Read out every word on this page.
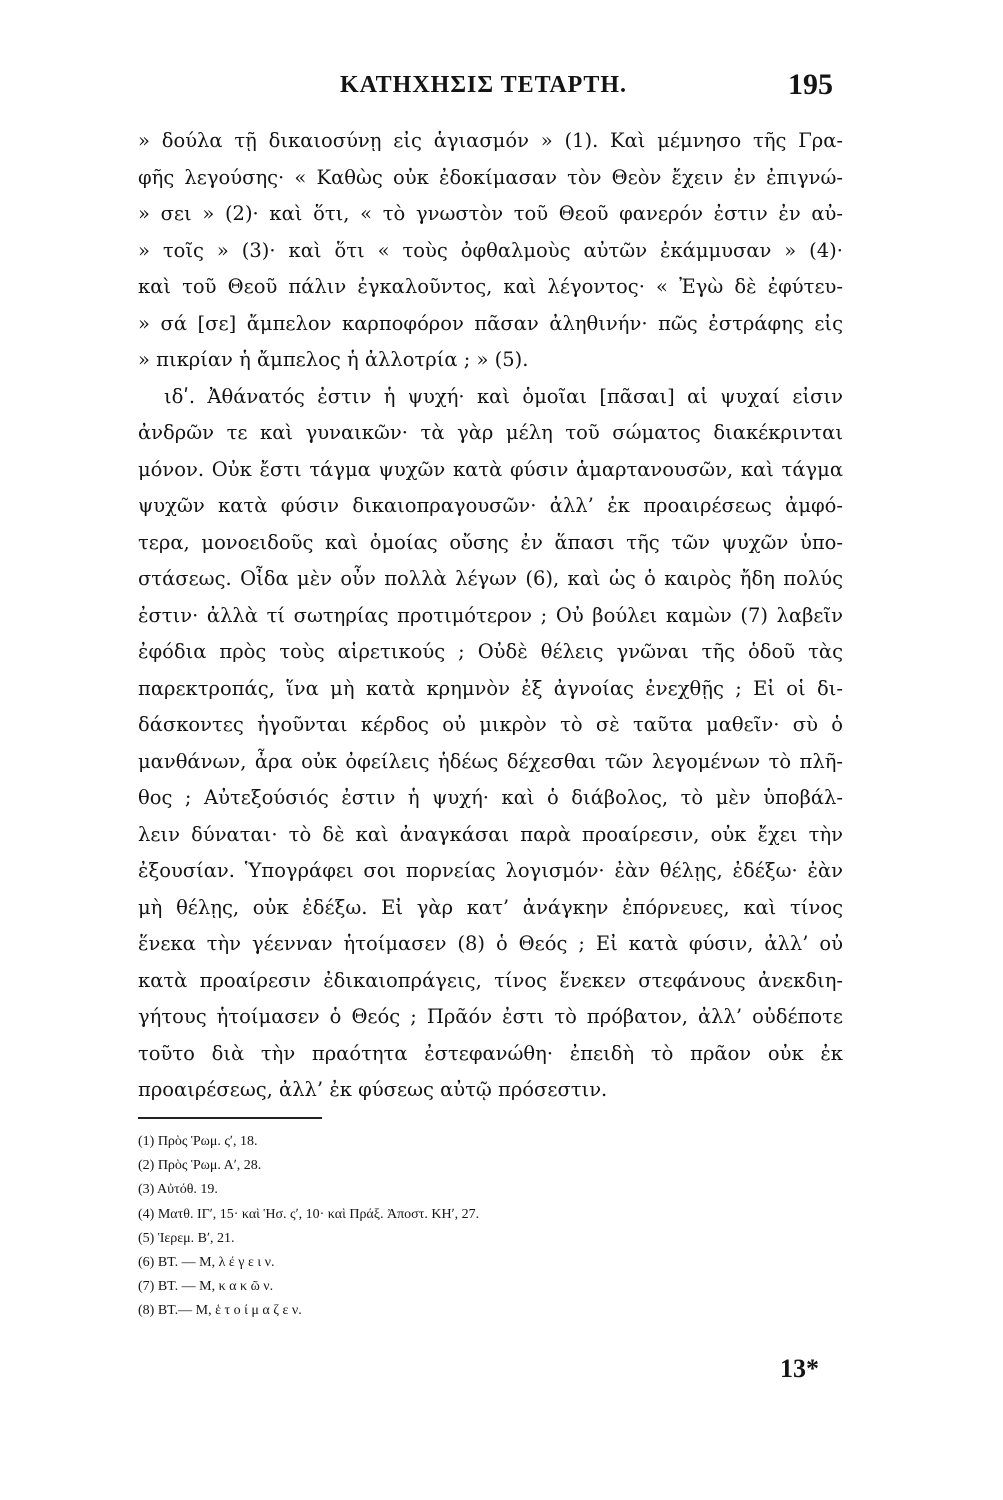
ΚΑΤΗΧΗΣΙΣ ΤΕΤΑΡΤΗ.	195
» δούλα τῇ δικαιοσύνῃ εἰς ἁγιασμόν » (1). Καὶ μέμνησο τῆς Γρα-
φῆς λεγούσης· « Καθὼς οὐκ ἐδοκίμασαν τὸν Θεὸν ἔχειν ἐν ἐπιγνώ-
» σει » (2)· καὶ ὅτι, « τὸ γνωστὸν τοῦ Θεοῦ φανερόν ἐστιν ἐν αὐ-
» τοῖς » (3)· καὶ ὅτι « τοὺς ὀφθαλμοὺς αὐτῶν ἐκάμμυσαν » (4)·
καὶ τοῦ Θεοῦ πάλιν ἐγκαλοῦντος, καὶ λέγοντος· « Ἐγὼ δὲ ἐφύτευ-
» σά [σε] ἄμπελον καρποφόρον πᾶσαν ἀληθινήν· πῶς ἐστράφης εἰς
» πικρίαν ἡ ἄμπελος ἡ ἀλλοτρία ; » (5).
ιδʹ. Ἀθάνατός ἐστιν ἡ ψυχή· καὶ ὁμοῖαι [πᾶσαι] αἱ ψυχαί εἰσιν
ἀνδρῶν τε καὶ γυναικῶν· τὰ γὰρ μέλη τοῦ σώματος διακέκρινται
μόνον. Οὐκ ἔστι τάγμα ψυχῶν κατὰ φύσιν ἁμαρτανουσῶν, καὶ τάγμα
ψυχῶν κατὰ φύσιν δικαιοπραγουσῶν· ἀλλ’ ἐκ προαιρέσεως ἀμφό-
τερα, μονοειδοῦς καὶ ὁμοίας οὔσης ἐν ἅπασι τῆς τῶν ψυχῶν ὑπο-
στάσεως. Οἶδα μὲν οὖν πολλὰ λέγων (6), καὶ ὡς ὁ καιρὸς ἤδη πολύς
ἐστιν· ἀλλὰ τί σωτηρίας προτιμότερον ; Οὐ βούλει καμὼν (7) λαβεῖν
ἐφόδια πρὸς τοὺς αἱρετικούς ; Οὐδὲ θέλεις γνῶναι τῆς ὁδοῦ τὰς
παρεκτροπάς, ἵνα μὴ κατὰ κρημνὸν ἐξ ἀγνοίας ἐνεχθῇς ; Εἰ οἱ δι-
δάσκοντες ἡγοῦνται κέρδος οὐ μικρὸν τὸ σὲ ταῦτα μαθεῖν· σὺ ὁ
μανθάνων, ἆρα οὐκ ὀφείλεις ἡδέως δέχεσθαι τῶν λεγομένων τὸ πλῆ-
θος ; Αὐτεξούσιός ἐστιν ἡ ψυχή· καὶ ὁ διάβολος, τὸ μὲν ὑποβάλ-
λειν δύναται· τὸ δὲ καὶ ἀναγκάσαι παρὰ προαίρεσιν, οὐκ ἔχει τὴν
ἐξουσίαν. Ὑπογράφει σοι πορνείας λογισμόν· ἐὰν θέλῃς, ἐδέξω· ἐὰν
μὴ θέλῃς, οὐκ ἐδέξω. Εἰ γὰρ κατ’ ἀνάγκην ἐπόρνευες, καὶ τίνος
ἕνεκα τὴν γέενναν ἡτοίμασεν (8) ὁ Θεός ; Εἰ κατὰ φύσιν, ἀλλ’ οὐ
κατὰ προαίρεσιν ἐδικαιοπράγεις, τίνος ἕνεκεν στεφάνους ἀνεκδιη-
γήτους ἡτοίμασεν ὁ Θεός ; Πρᾶόν ἐστι τὸ πρόβατον, ἀλλ’ οὐδέποτε
τοῦτο διὰ τὴν πραότητα ἐστεφανώθη· ἐπειδὴ τὸ πρᾶον οὐκ ἐκ
προαιρέσεως, ἀλλ’ ἐκ φύσεως αὐτῷ πρόσεστιν.
(1) Πρὸς Ῥωμ. ςʹ, 18.
(2) Πρὸς Ῥωμ. Αʹ, 28.
(3) Αὐτόθ. 19.
(4) Ματθ. ΙΓʹ, 15· καὶ Ἡσ. ςʹ, 10· καὶ Πράξ. Ἀποστ. ΚΗʹ, 27.
(5) Ἱερεμ. Βʹ, 21.
(6) ΒΤ. — Μ, λ έ γ ε ι ν.
(7) ΒΤ. — Μ, κ α κ ῶ ν.
(8) ΒΤ.— Μ, ἑ τ ο ί μ α ζ ε ν.
13*
